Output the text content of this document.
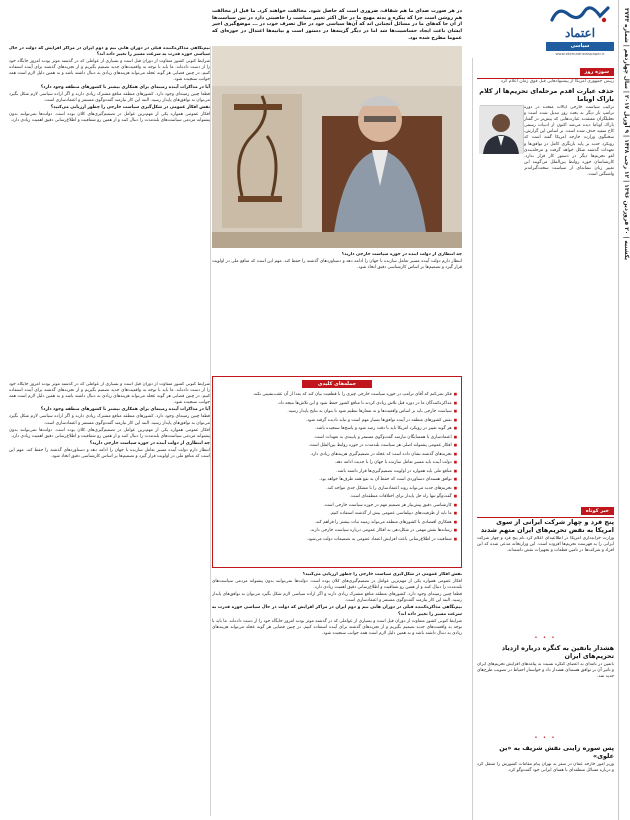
یکشنبه | ۲۰ فروردین ۱۳۹۶ | ۱۲ رجب ۱۴۳۸ | ۹ آوریل ۲۰۱۷ | سال چهاردهم | شماره ۳۷۴۳
اعتماد
سیاسی
www.etemadnewspaper.ir
سوژه روز
رییس جمهوری امریکا از پیشنهادهایی قبل فوق زمان اعلام کرد
حذف عبارت اقدم مرحله‌ای تحریم‌ها از کلام باراک اوباما
ترکیب سیاست خارجی ایالات متحده در دوره ترامپ بار دیگر به بحث روز تبدیل شده است و تحلیلگران معتقدند عبارت‌هایی که پیش‌تر در گفتار باراک اوباما دیده می‌شد اکنون از ادبیات رسمی کاخ سفید حذف شده است. بر اساس این گزارش، سخنگوی وزارت خارجه امریکا گفته است که رویکرد جدید بر پایه بازنگری کامل در توافق‌ها و تعهدات گذشته شکل خواهد گرفت و مرحله‌بندی لغو تحریم‌ها دیگر در دستور کار قرار ندارد. کارشناسان حوزه روابط بین‌الملل می‌گویند این تغییر زبان نشانه‌ای از سیاست سخت‌گیرانه‌تر واشنگتن است.
خبر کوتاه
پنج فرد و چهار شرکت ایرانی از سوی امریکا به نقض تحریم‌های ایران متهم شدند
وزارت خزانه‌داری امریکا در اطلاعیه‌ای اعلام کرد نام پنج فرد و چهار شرکت ایرانی را به فهرست تحریم‌ها افزوده است. این وزارتخانه مدعی شده که این افراد و شرکت‌ها در تامین قطعات و تجهیزات نقش داشته‌اند.
• • •
هشدار بانفین به کنگره درباره ازدیاد تحریم‌های ایران
بانفین در نامه‌ای به اعضای کنگره نسبت به پیامدهای افزایش تحریم‌های ایران و تاثیر آن بر توافق هسته‌ای هشدار داد و خواستار احتیاط در تصویب طرح‌های جدید شد.
• • •
پس سوره زاینی نقش شریف به «بن علوی»
وزیر امور خارجه عمان در سفر به تهران پیام مقامات کشورش را منتقل کرد و درباره مسائل منطقه‌ای با همتای ایرانی خود گفت‌وگو کرد.
در هر صورت صدای ما هم شفاف، ضروری است که حاصل شود. مخالفت خواهند کرد. ما قبل از مخالفت هم روشن است چرا که پیکره و بدنه مهیج ما در حال اکثر تغییر سیاست را خاصیتی دارد در بین سیاست‌ها از آن جا که‌های ما در مسائل آنچنانی اند که آن‌ها سیاسی خود در حال تصرف خوب در ... موضع‌گیری اخیر ایشان باعث ایجاد حساسیت‌ها شد اما در دیگر گزینه‌ها در دستور است و بیانیه‌ها اعتدال در حوزه‌ای که عموما مطرح شده بود.
نیم‌نگاهی مذاکره‌کننده قبلی در دوران هانی نیم و دوم ایران در مراکز افزایش که دولت در حال سیاسی حوزه قدرت به سرعت مسیر را تغییر داده اند؟
شرایط کنونی کشور متفاوت از دوران قبل است و بسیاری از عواملی که در گذشته موثر بودند امروز جایگاه خود را از دست داده‌اند. ما باید با توجه به واقعیت‌های جدید تصمیم بگیریم و از تجربه‌های گذشته برای آینده استفاده کنیم. در چنین فضایی هر گونه عجله می‌تواند هزینه‌های زیادی به دنبال داشته باشد و به همین دلیل لازم است همه جوانب سنجیده شود.
آیا در مذاکرات آینده زمینه‌ای برای همکاری بیشتر با کشورهای منطقه وجود دارد؟
قطعا چنین زمینه‌ای وجود دارد. کشورهای منطقه منافع مشترک زیادی دارند و اگر اراده سیاسی لازم شکل بگیرد می‌توان به توافق‌های پایدار رسید. البته این کار نیازمند گفت‌وگوی مستمر و اعتمادسازی است.
نقش افکار عمومی در شکل‌گیری سیاست خارجی را چطور ارزیابی می‌کنید؟
افکار عمومی همواره یکی از مهم‌ترین عوامل در تصمیم‌گیری‌های کلان بوده است. دولت‌ها نمی‌توانند بدون پشتوانه مردمی سیاست‌های بلندمدت را دنبال کنند و از همین رو شفافیت و اطلاع‌رسانی دقیق اهمیت زیادی دارد.
چه انتظاری از دولت آینده در حوزه سیاست خارجی دارید؟
انتظار دارم دولت آینده مسیر تعامل سازنده با جهان را ادامه دهد و دستاوردهای گذشته را حفظ کند. مهم این است که منافع ملی در اولویت قرار گیرد و تصمیم‌ها بر اساس کارشناسی دقیق اتخاذ شود.
شرایط کنونی کشور متفاوت از دوران قبل است و بسیاری از عواملی که در گذشته موثر بودند امروز جایگاه خود را از دست داده‌اند. ما باید با توجه به واقعیت‌های جدید تصمیم بگیریم و از تجربه‌های گذشته برای آینده استفاده کنیم. در چنین فضایی هر گونه عجله می‌تواند هزینه‌های زیادی به دنبال داشته باشد و به همین دلیل لازم است همه جوانب سنجیده شود.
آیا در مذاکرات آینده زمینه‌ای برای همکاری بیشتر با کشورهای منطقه وجود دارد؟
قطعا چنین زمینه‌ای وجود دارد. کشورهای منطقه منافع مشترک زیادی دارند و اگر اراده سیاسی لازم شکل بگیرد می‌توان به توافق‌های پایدار رسید. البته این کار نیازمند گفت‌وگوی مستمر و اعتمادسازی است.
افکار عمومی همواره یکی از مهم‌ترین عوامل در تصمیم‌گیری‌های کلان بوده است. دولت‌ها نمی‌توانند بدون پشتوانه مردمی سیاست‌های بلندمدت را دنبال کنند و از همین رو شفافیت و اطلاع‌رسانی دقیق اهمیت زیادی دارد.
چه انتظاری از دولت آینده در حوزه سیاست خارجی دارید؟
انتظار دارم دولت آینده مسیر تعامل سازنده با جهان را ادامه دهد و دستاوردهای گذشته را حفظ کند. مهم این است که منافع ملی در اولویت قرار گیرد و تصمیم‌ها بر اساس کارشناسی دقیق اتخاذ شود.
جمله‌های کلیدی
■ فکر نمی‌کنم که آقای ترامپ در حوزه سیاست خارجی چیزی را با قطعیت بیان کند که بعدا از آن عقب‌نشینی نکند.
■ مذاکره‌کنندگان ما در دوره قبل تلاش زیادی کردند تا منافع کشور حفظ شود و این تلاش‌ها نتیجه داد.
■ سیاست خارجی باید بر اساس واقعیت‌ها و نه شعارها تنظیم شود تا بتوان به نتایج پایدار رسید.
■ نقش کشورهای منطقه در آینده توافق‌ها بسیار مهم است و نباید نادیده گرفته شود.
■ هر گونه تغییر در رویکرد امریکا باید با دقت رصد شود و پاسخ‌ها سنجیده باشد.
■ اعتمادسازی با همسایگان نیازمند گفت‌وگوی مستمر و پایبندی به تعهدات است.
■ افکار عمومی پشتوانه اصلی هر سیاست بلندمدت در حوزه روابط بین‌الملل است.
■ تجربه‌های گذشته نشان داده است که عجله در تصمیم‌گیری هزینه‌های زیادی دارد.
■ دولت آینده باید مسیر تعامل سازنده با جهان را با جدیت ادامه دهد.
■ منافع ملی باید همواره در اولویت تصمیم‌گیری‌ها قرار داشته باشد.
■ توافق هسته‌ای دستاوردی است که حفظ آن به نفع همه طرف‌ها خواهد بود.
■ تحریم‌های جدید می‌تواند روند اعتمادسازی را با مشکل جدی مواجه کند.
■ گفت‌وگو تنها راه حل پایدار برای اختلافات منطقه‌ای است.
■ کارشناسی دقیق پیش‌نیاز هر تصمیم مهم در حوزه سیاست خارجی است.
■ ما باید از ظرفیت‌های دیپلماسی عمومی بیش از گذشته استفاده کنیم.
■ همکاری اقتصادی با کشورهای منطقه می‌تواند زمینه ثبات بیشتر را فراهم کند.
■ رسانه‌ها نقش مهمی در شکل‌دهی به افکار عمومی درباره سیاست خارجی دارند.
■ شفافیت در اطلاع‌رسانی باعث افزایش اعتماد عمومی به تصمیمات دولت می‌شود.
نقش افکار عمومی در شکل‌گیری سیاست خارجی را چطور ارزیابی می‌کنید؟
افکار عمومی همواره یکی از مهم‌ترین عوامل در تصمیم‌گیری‌های کلان بوده است. دولت‌ها نمی‌توانند بدون پشتوانه مردمی سیاست‌های بلندمدت را دنبال کنند و از همین رو شفافیت و اطلاع‌رسانی دقیق اهمیت زیادی دارد.
قطعا چنین زمینه‌ای وجود دارد. کشورهای منطقه منافع مشترک زیادی دارند و اگر اراده سیاسی لازم شکل بگیرد می‌توان به توافق‌های پایدار رسید. البته این کار نیازمند گفت‌وگوی مستمر و اعتمادسازی است.
نیم‌نگاهی مذاکره‌کننده قبلی در دوران هانی نیم و دوم ایران در مراکز افزایش که دولت در حال سیاسی حوزه قدرت به سرعت مسیر را تغییر داده اند؟
شرایط کنونی کشور متفاوت از دوران قبل است و بسیاری از عواملی که در گذشته موثر بودند امروز جایگاه خود را از دست داده‌اند. ما باید با توجه به واقعیت‌های جدید تصمیم بگیریم و از تجربه‌های گذشته برای آینده استفاده کنیم. در چنین فضایی هر گونه عجله می‌تواند هزینه‌های زیادی به دنبال داشته باشد و به همین دلیل لازم است همه جوانب سنجیده شود.
